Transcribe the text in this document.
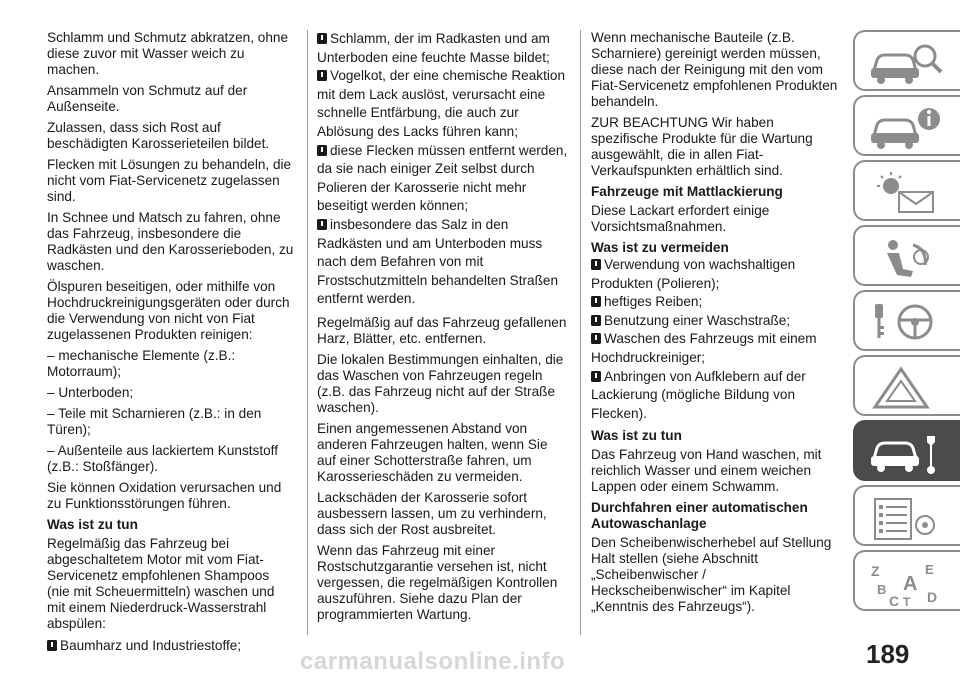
Schlamm und Schmutz abkratzen, ohne diese zuvor mit Wasser weich zu machen.

Ansammeln von Schmutz auf der Außenseite.

Zulassen, dass sich Rost auf beschädigten Karosserieteilen bildet.

Flecken mit Lösungen zu behandeln, die nicht vom Fiat-Servicenetz zugelassen sind.

In Schnee und Matsch zu fahren, ohne das Fahrzeug, insbesondere die Radkästen und den Karosserieboden, zu waschen.

Ölspuren beseitigen, oder mithilfe von Hochdruckreinigungsgeräten oder durch die Verwendung von nicht von Fiat zugelassenen Produkten reinigen:

– mechanische Elemente (z.B.: Motorraum);

– Unterboden;

– Teile mit Scharnieren (z.B.: in den Türen);

– Außenteile aus lackiertem Kunststoff (z.B.: Stoßfänger).

Sie können Oxidation verursachen und zu Funktionsstörungen führen.

Was ist zu tun

Regelmäßig das Fahrzeug bei abgeschaltetem Motor mit vom Fiat-Servicenetz empfohlenen Shampoos (nie mit Scheuermitteln) waschen und mit einem Niederdruck-Wasserstrahl abspülen:

Baumharz und Industriestoffe;

Schlamm, der im Radkasten und am Unterboden eine feuchte Masse bildet;

Vogelkot, der eine chemische Reaktion mit dem Lack auslöst, verursacht eine schnelle Entfärbung, die auch zur Ablösung des Lacks führen kann;

diese Flecken müssen entfernt werden, da sie nach einiger Zeit selbst durch Polieren der Karosserie nicht mehr beseitigt werden können;

insbesondere das Salz in den Radkästen und am Unterboden muss nach dem Befahren von mit Frostschutzmitteln behandelten Straßen entfernt werden.

Regelmäßig auf das Fahrzeug gefallenen Harz, Blätter, etc. entfernen.

Die lokalen Bestimmungen einhalten, die das Waschen von Fahrzeugen regeln (z.B. das Fahrzeug nicht auf der Straße waschen).

Einen angemessenen Abstand von anderen Fahrzeugen halten, wenn Sie auf einer Schotterstraße fahren, um Karosserieschäden zu vermeiden.

Lackschäden der Karosserie sofort ausbessern lassen, um zu verhindern, dass sich der Rost ausbreitet.

Wenn das Fahrzeug mit einer Rostschutzgarantie versehen ist, nicht vergessen, die regelmäßigen Kontrollen auszuführen. Siehe dazu Plan der programmierten Wartung.

Wenn mechanische Bauteile (z.B. Scharniere) gereinigt werden müssen, diese nach der Reinigung mit den vom Fiat-Servicenetz empfohlenen Produkten behandeln.

ZUR BEACHTUNG Wir haben spezifische Produkte für die Wartung ausgewählt, die in allen Fiat-Verkaufspunkten erhältlich sind.

Fahrzeuge mit Mattlackierung

Diese Lackart erfordert einige Vorsichtsmaßnahmen.

Was ist zu vermeiden

Verwendung von wachshaltigen Produkten (Polieren);

heftiges Reiben;

Benutzung einer Waschstraße;

Waschen des Fahrzeugs mit einem Hochdruckreiniger;

Anbringen von Aufklebern auf der Lackierung (mögliche Bildung von Flecken).

Was ist zu tun

Das Fahrzeug von Hand waschen, mit reichlich Wasser und einem weichen Lappen oder einem Schwamm.

Durchfahren einer automatischen Autowaschanlage

Den Scheibenwischerhebel auf Stellung Halt stellen (siehe Abschnitt „Scheibenwischer / Heckscheibenwischer“ im Kapitel „Kenntnis des Fahrzeugs“).

Z	E
A
B
C T D
189
carmanualsonline.info
